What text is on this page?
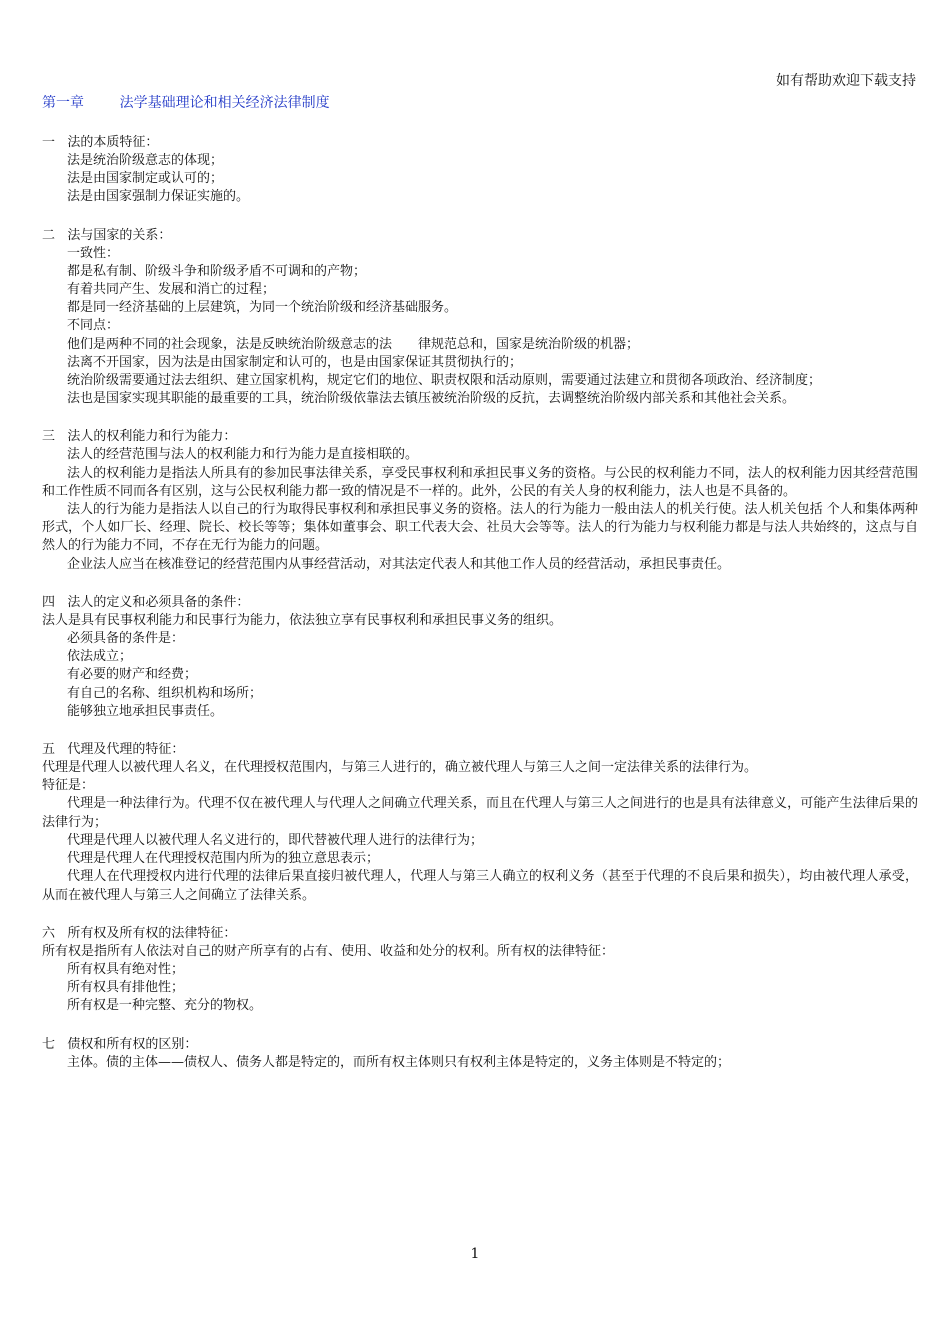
如有帮助欢迎下载支持
第一章	法学基础理论和相关经济法律制度
一   法的本质特征：
法是统治阶级意志的体现；
法是由国家制定或认可的；
法是由国家强制力保证实施的。
二   法与国家的关系：
一致性：
都是私有制、阶级斗争和阶级矛盾不可调和的产物；
有着共同产生、发展和消亡的过程；
都是同一经济基础的上层建筑，为同一个统治阶级和经济基础服务。
不同点：
他们是两种不同的社会现象，法是反映统治阶级意志的法　　律规范总和，国家是统治阶级的机器；
法离不开国家，因为法是由国家制定和认可的，也是由国家保证其贯彻执行的；
统治阶级需要通过法去组织、建立国家机构，规定它们的地位、职责权限和活动原则，需要通过法建立和贯彻各项政治、经济制度；
法也是国家实现其职能的最重要的工具，统治阶级依靠法去镇压被统治阶级的反抗，去调整统治阶级内部关系和其他社会关系。
三   法人的权利能力和行为能力：
法人的经营范围与法人的权利能力和行为能力是直接相联的。
法人的权利能力是指法人所具有的参加民事法律关系，享受民事权利和承担民事义务的资格。与公民的权利能力不同，法人的权利能力因其经营范围和工作性质不同而各有区别，这与公民权利能力都一致的情况是不一样的。此外，公民的有关人身的权利能力，法人也是不具备的。
法人的行为能力是指法人以自己的行为取得民事权利和承担民事义务的资格。法人的行为能力一般由法人的机关行使。法人机关包括 个人和集体两种形式，个人如厂长、经理、院长、校长等等；集体如董事会、职工代表大会、社员大会等等。法人的行为能力与权利能力都是与法人共始终的，这点与自然人的行为能力不同，不存在无行为能力的问题。
企业法人应当在核准登记的经营范围内从事经营活动，对其法定代表人和其他工作人员的经营活动，承担民事责任。
四   法人的定义和必须具备的条件：
法人是具有民事权利能力和民事行为能力，依法独立享有民事权利和承担民事义务的组织。
必须具备的条件是：
依法成立；
有必要的财产和经费；
有自己的名称、组织机构和场所；
能够独立地承担民事责任。
五   代理及代理的特征：
代理是代理人以被代理人名义，在代理授权范围内，与第三人进行的，确立被代理人与第三人之间一定法律关系的法律行为。
特征是：
代理是一种法律行为。代理不仅在被代理人与代理人之间确立代理关系，而且在代理人与第三人之间进行的也是具有法律意义，可能产生法律后果的法律行为；
代理是代理人以被代理人名义进行的，即代替被代理人进行的法律行为；
代理是代理人在代理授权范围内所为的独立意思表示；
代理人在代理授权内进行代理的法律后果直接归被代理人，代理人与第三人确立的权利义务（甚至于代理的不良后果和损失），均由被代理人承受，从而在被代理人与第三人之间确立了法律关系。
六   所有权及所有权的法律特征：
所有权是指所有人依法对自己的财产所享有的占有、使用、收益和处分的权利。所有权的法律特征：
所有权具有绝对性；
所有权具有排他性；
所有权是一种完整、充分的物权。
七   债权和所有权的区别：
主体。债的主体——债权人、债务人都是特定的，而所有权主体则只有权利主体是特定的，义务主体则是不特定的；
1
